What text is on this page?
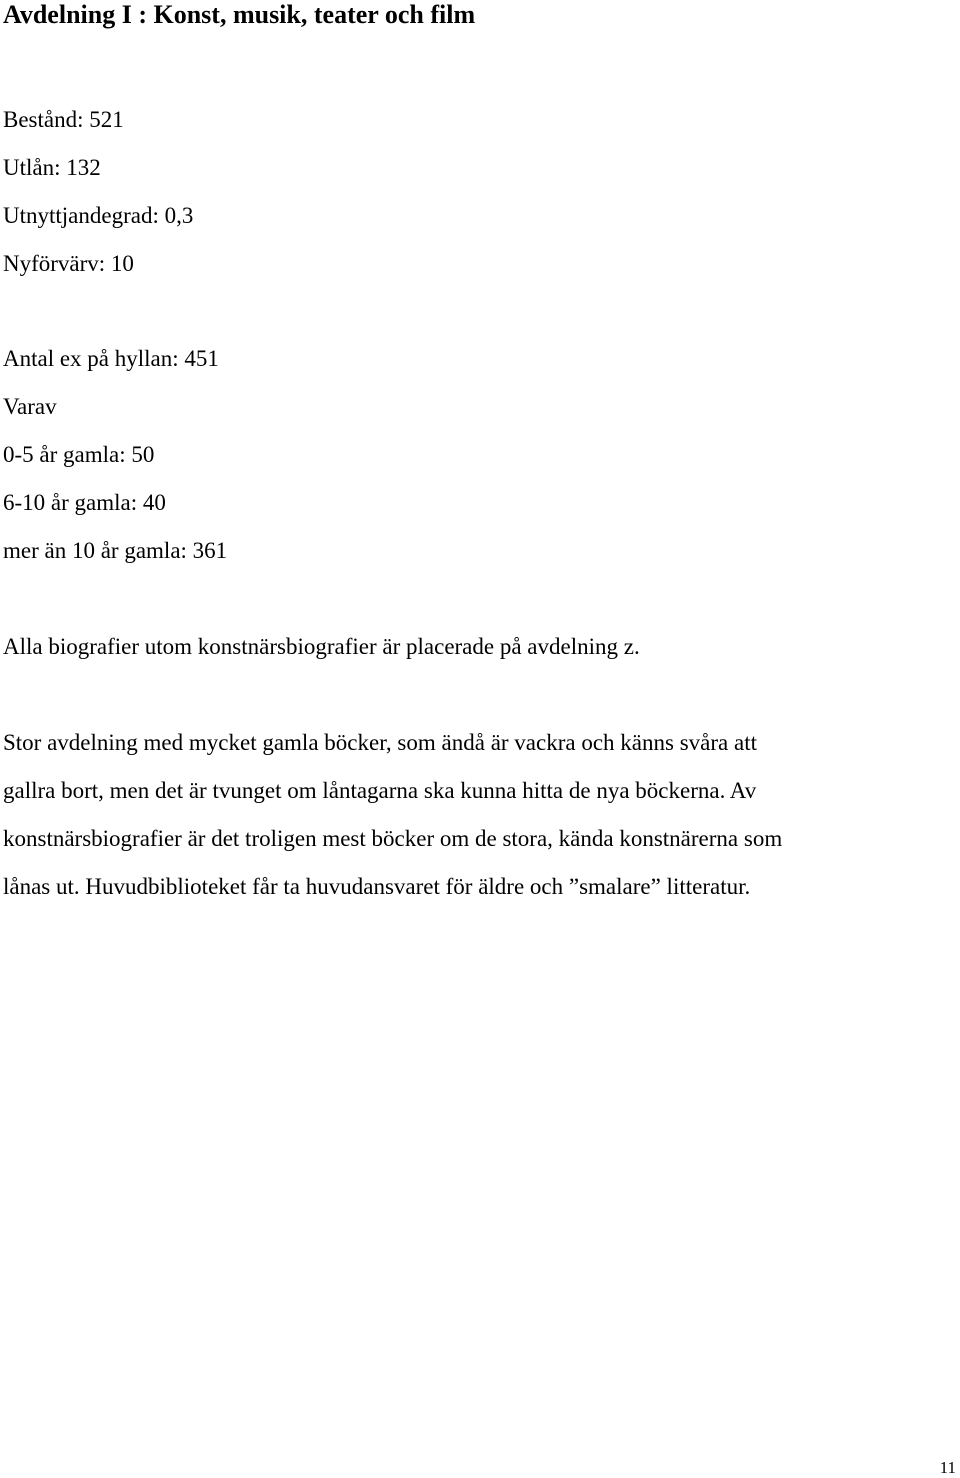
Avdelning I : Konst, musik, teater och film

Bestånd: 521

Utlån: 132

Utnyttjandegrad: 0,3

Nyförvärv: 10

Antal ex på hyllan: 451

Varav

0-5 år gamla: 50

6-10 år gamla: 40

mer än 10 år gamla: 361

Alla biografier utom konstnärsbiografier är placerade på avdelning z.

Stor avdelning med mycket gamla böcker, som ändå är vackra och känns svåra att
gallra bort, men det är tvunget om låntagarna ska kunna hitta de nya böckerna. Av
konstnärsbiografier är det troligen mest böcker om de stora, kända konstnärerna som
lånas ut. Huvudbiblioteket får ta huvudansvaret för äldre och ”smalare” litteratur.
11
